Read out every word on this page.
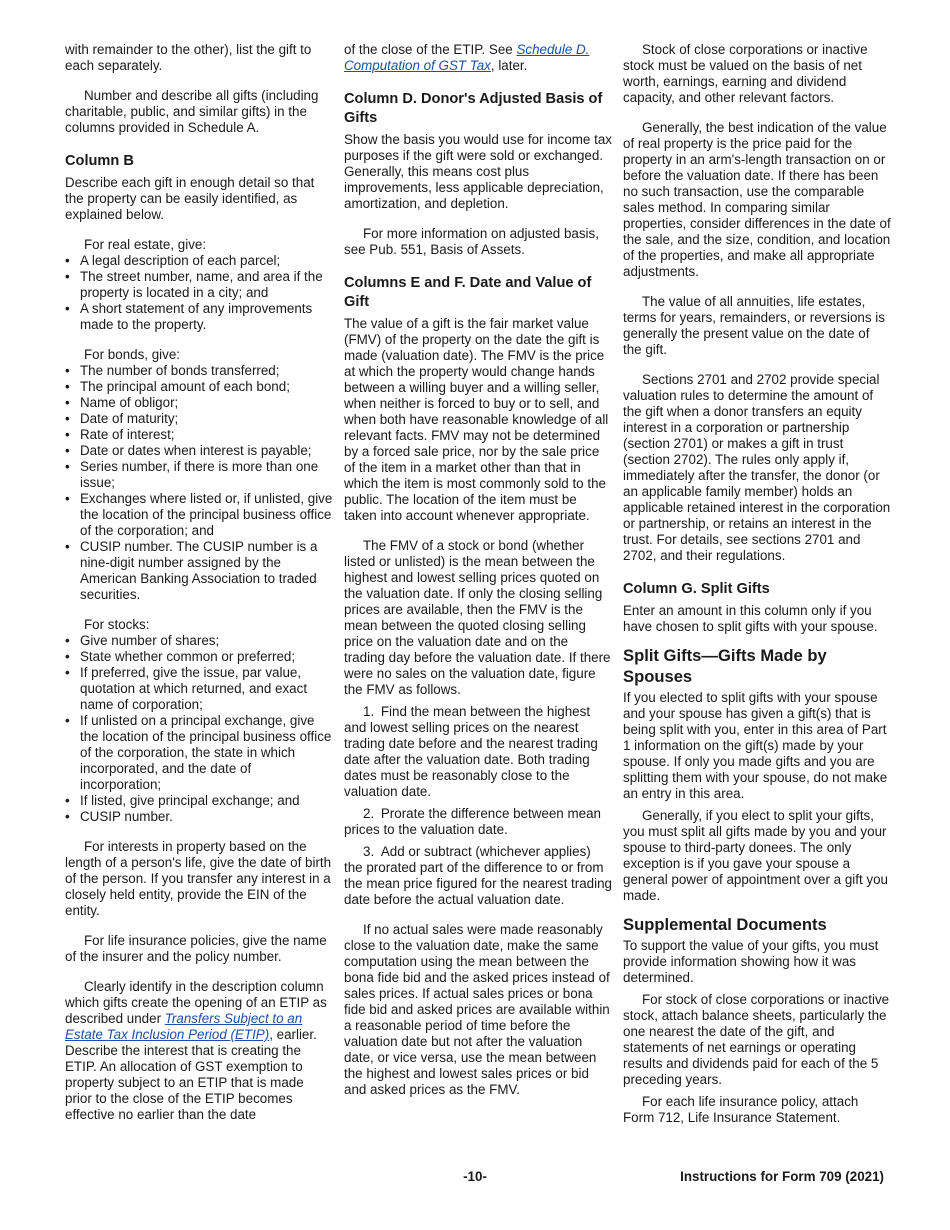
with remainder to the other), list the gift to each separately.

Number and describe all gifts (including charitable, public, and similar gifts) in the columns provided in Schedule A.

Column B

Describe each gift in enough detail so that the property can be easily identified, as explained below.

For real estate, give:

• A legal description of each parcel;

• The street number, name, and area if the property is located in a city; and

• A short statement of any improvements made to the property.

For bonds, give:

• The number of bonds transferred;

• The principal amount of each bond;

• Name of obligor;

• Date of maturity;

• Rate of interest;

• Date or dates when interest is payable;

• Series number, if there is more than one issue;

• Exchanges where listed or, if unlisted, give the location of the principal business office of the corporation; and

• CUSIP number. The CUSIP number is a nine-digit number assigned by the American Banking Association to traded securities.

For stocks:

• Give number of shares;

• State whether common or preferred;

• If preferred, give the issue, par value, quotation at which returned, and exact name of corporation;

• If unlisted on a principal exchange, give the location of the principal business office of the corporation, the state in which incorporated, and the date of incorporation;

• If listed, give principal exchange; and

• CUSIP number.

For interests in property based on the length of a person's life, give the date of birth of the person. If you transfer any interest in a closely held entity, provide the EIN of the entity.

For life insurance policies, give the name of the insurer and the policy number.

Clearly identify in the description column which gifts create the opening of an ETIP as described under Transfers Subject to an Estate Tax Inclusion Period (ETIP), earlier. Describe the interest that is creating the ETIP. An allocation of GST exemption to property subject to an ETIP that is made prior to the close of the ETIP becomes effective no earlier than the date

of the close of the ETIP. See Schedule D. Computation of GST Tax, later.

Column D. Donor's Adjusted Basis of Gifts

Show the basis you would use for income tax purposes if the gift were sold or exchanged. Generally, this means cost plus improvements, less applicable depreciation, amortization, and depletion.

For more information on adjusted basis, see Pub. 551, Basis of Assets.

Columns E and F. Date and Value of Gift

The value of a gift is the fair market value (FMV) of the property on the date the gift is made (valuation date). The FMV is the price at which the property would change hands between a willing buyer and a willing seller, when neither is forced to buy or to sell, and when both have reasonable knowledge of all relevant facts. FMV may not be determined by a forced sale price, nor by the sale price of the item in a market other than that in which the item is most commonly sold to the public. The location of the item must be taken into account whenever appropriate.

The FMV of a stock or bond (whether listed or unlisted) is the mean between the highest and lowest selling prices quoted on the valuation date. If only the closing selling prices are available, then the FMV is the mean between the quoted closing selling price on the valuation date and on the trading day before the valuation date. If there were no sales on the valuation date, figure the FMV as follows.

1. Find the mean between the highest and lowest selling prices on the nearest trading date before and the nearest trading date after the valuation date. Both trading dates must be reasonably close to the valuation date.

2. Prorate the difference between mean prices to the valuation date.

3. Add or subtract (whichever applies) the prorated part of the difference to or from the mean price figured for the nearest trading date before the actual valuation date.

If no actual sales were made reasonably close to the valuation date, make the same computation using the mean between the bona fide bid and the asked prices instead of sales prices. If actual sales prices or bona fide bid and asked prices are available within a reasonable period of time before the valuation date but not after the valuation date, or vice versa, use the mean between the highest and lowest sales prices or bid and asked prices as the FMV.

Stock of close corporations or inactive stock must be valued on the basis of net worth, earnings, earning and dividend capacity, and other relevant factors.

Generally, the best indication of the value of real property is the price paid for the property in an arm's-length transaction on or before the valuation date. If there has been no such transaction, use the comparable sales method. In comparing similar properties, consider differences in the date of the sale, and the size, condition, and location of the properties, and make all appropriate adjustments.

The value of all annuities, life estates, terms for years, remainders, or reversions is generally the present value on the date of the gift.

Sections 2701 and 2702 provide special valuation rules to determine the amount of the gift when a donor transfers an equity interest in a corporation or partnership (section 2701) or makes a gift in trust (section 2702). The rules only apply if, immediately after the transfer, the donor (or an applicable family member) holds an applicable retained interest in the corporation or partnership, or retains an interest in the trust. For details, see sections 2701 and 2702, and their regulations.

Column G. Split Gifts

Enter an amount in this column only if you have chosen to split gifts with your spouse.

Split Gifts—Gifts Made by Spouses

If you elected to split gifts with your spouse and your spouse has given a gift(s) that is being split with you, enter in this area of Part 1 information on the gift(s) made by your spouse. If only you made gifts and you are splitting them with your spouse, do not make an entry in this area.

Generally, if you elect to split your gifts, you must split all gifts made by you and your spouse to third-party donees. The only exception is if you gave your spouse a general power of appointment over a gift you made.

Supplemental Documents

To support the value of your gifts, you must provide information showing how it was determined.

For stock of close corporations or inactive stock, attach balance sheets, particularly the one nearest the date of the gift, and statements of net earnings or operating results and dividends paid for each of the 5 preceding years.

For each life insurance policy, attach Form 712, Life Insurance Statement.

-10-	Instructions for Form 709 (2021)
